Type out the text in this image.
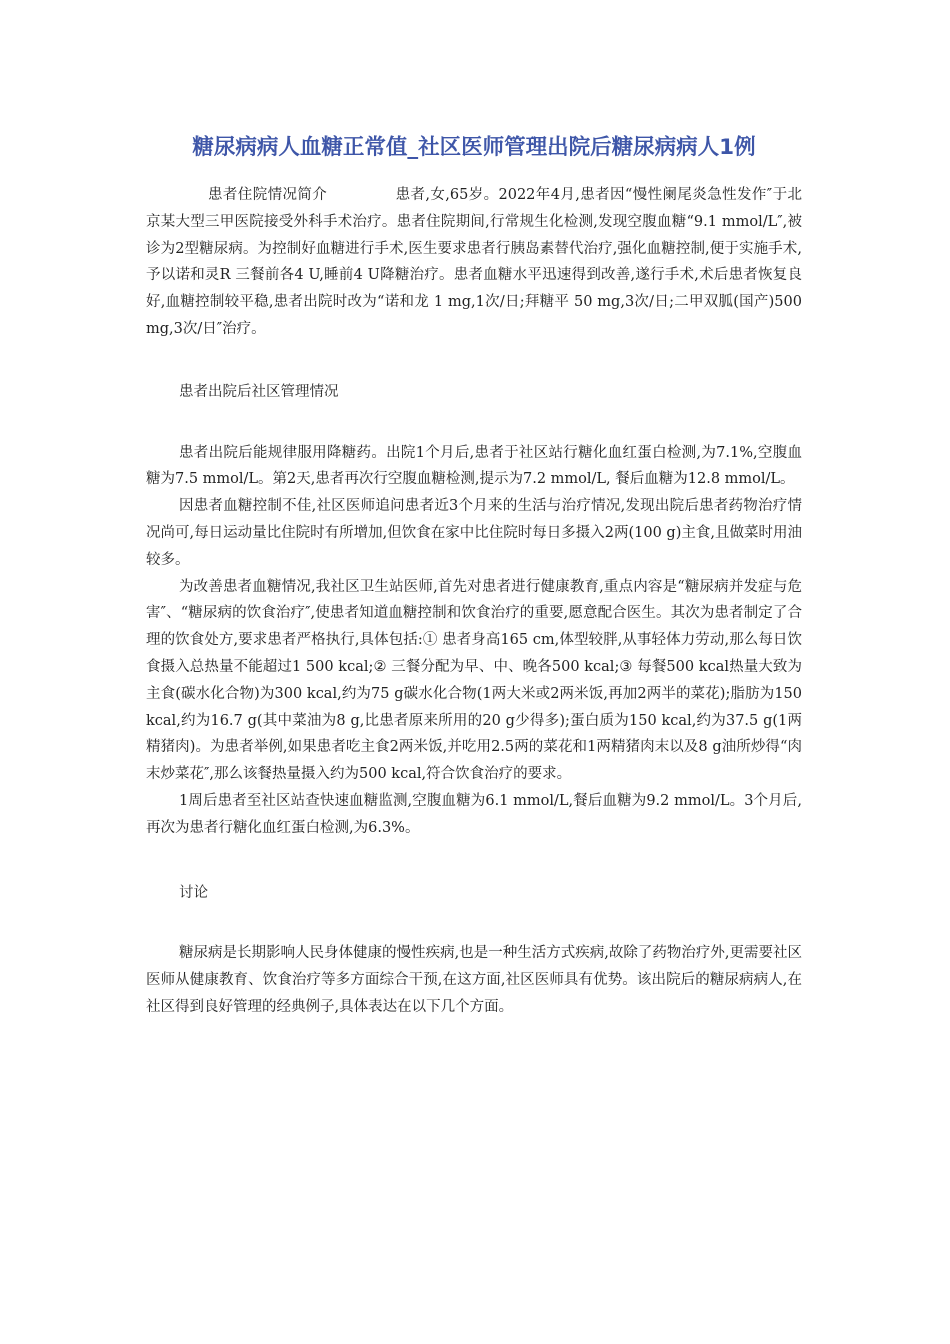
糖尿病病人血糖正常值_社区医师管理出院后糖尿病病人1例

患者住院情况简介	患者,女,65岁。2022年4月,患者因“慢性阑尾炎急性发作″于北京某大型三甲医院接受外科手术治疗。患者住院期间,行常规生化检测,发现空腹血糖“9.1 mmol/L″,被诊为2型糖尿病。为控制好血糖进行手术,医生要求患者行胰岛素替代治疗,强化血糖控制,便于实施手术,予以诺和灵R 三餐前各4 U,睡前4 U降糖治疗。患者血糖水平迅速得到改善,遂行手术,术后患者恢复良好,血糖控制较平稳,患者出院时改为“诺和龙 1 mg,1次/日;拜糖平 50 mg,3次/日;二甲双胍(国产)500 mg,3次/日″治疗。

患者出院后社区管理情况

患者出院后能规律服用降糖药。出院1个月后,患者于社区站行糖化血红蛋白检测,为7.1%,空腹血糖为7.5 mmol/L。第2天,患者再次行空腹血糖检测,提示为7.2 mmol/L, 餐后血糖为12.8 mmol/L。

因患者血糖控制不佳,社区医师追问患者近3个月来的生活与治疗情况,发现出院后患者药物治疗情况尚可,每日运动量比住院时有所增加,但饮食在家中比住院时每日多摄入2两(100 g)主食,且做菜时用油较多。

为改善患者血糖情况,我社区卫生站医师,首先对患者进行健康教育,重点内容是“糖尿病并发症与危害″、“糖尿病的饮食治疗″,使患者知道血糖控制和饮食治疗的重要,愿意配合医生。其次为患者制定了合理的饮食处方,要求患者严格执行,具体包括:① 患者身高165 cm,体型较胖,从事轻体力劳动,那么每日饮食摄入总热量不能超过1 500 kcal;② 三餐分配为早、中、晚各500 kcal;③ 每餐500 kcal热量大致为主食(碳水化合物)为300 kcal,约为75 g碳水化合物(1两大米或2两米饭,再加2两半的菜花);脂肪为150 kcal,约为16.7 g(其中菜油为8 g,比患者原来所用的20 g少得多);蛋白质为150 kcal,约为37.5 g(1两精猪肉)。为患者举例,如果患者吃主食2两米饭,并吃用2.5两的菜花和1两精猪肉末以及8 g油所炒得“肉末炒菜花″,那么该餐热量摄入约为500 kcal,符合饮食治疗的要求。

1周后患者至社区站查快速血糖监测,空腹血糖为6.1 mmol/L,餐后血糖为9.2 mmol/L。3个月后,再次为患者行糖化血红蛋白检测,为6.3%。

讨论

糖尿病是长期影响人民身体健康的慢性疾病,也是一种生活方式疾病,故除了药物治疗外,更需要社区医师从健康教育、饮食治疗等多方面综合干预,在这方面,社区医师具有优势。该出院后的糖尿病病人,在社区得到良好管理的经典例子,具体表达在以下几个方面。
